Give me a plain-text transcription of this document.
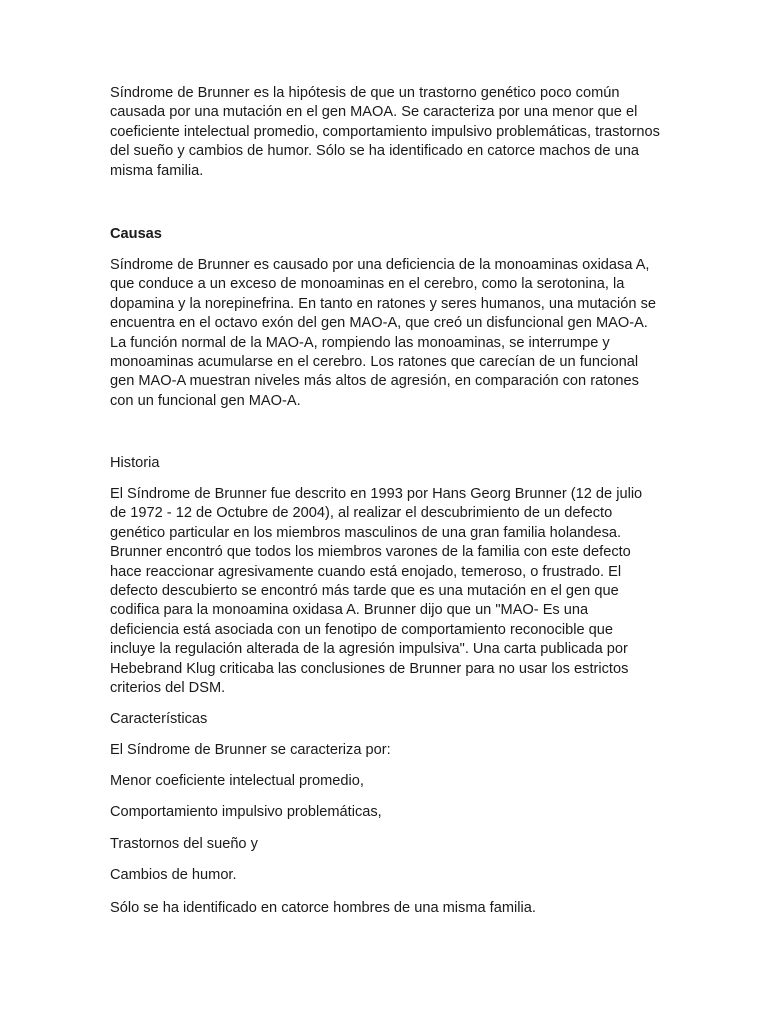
Síndrome de Brunner es la hipótesis de que un trastorno genético poco común causada por una mutación en el gen MAOA. Se caracteriza por una menor que el coeficiente intelectual promedio, comportamiento impulsivo problemáticas, trastornos del sueño y cambios de humor. Sólo se ha identificado en catorce machos de una misma familia.

Causas

Síndrome de Brunner es causado por una deficiencia de la monoaminas oxidasa A, que conduce a un exceso de monoaminas en el cerebro, como la serotonina, la dopamina y la norepinefrina. En tanto en ratones y seres humanos, una mutación se encuentra en el octavo exón del gen MAO-A, que creó un disfuncional gen MAO-A. La función normal de la MAO-A, rompiendo las monoaminas, se interrumpe y monoaminas acumularse en el cerebro. Los ratones que carecían de un funcional gen MAO-A muestran niveles más altos de agresión, en comparación con ratones con un funcional gen MAO-A.

Historia

El Síndrome de Brunner fue descrito en 1993 por Hans Georg Brunner (12 de julio de 1972 - 12 de Octubre de 2004), al realizar el descubrimiento de un defecto genético particular en los miembros masculinos de una gran familia holandesa. Brunner encontró que todos los miembros varones de la familia con este defecto hace reaccionar agresivamente cuando está enojado, temeroso, o frustrado. El defecto descubierto se encontró más tarde que es una mutación en el gen que codifica para la monoamina oxidasa A. Brunner dijo que un "MAO- Es una deficiencia está asociada con un fenotipo de comportamiento reconocible que incluye la regulación alterada de la agresión impulsiva". Una carta publicada por Hebebrand Klug criticaba las conclusiones de Brunner para no usar los estrictos criterios del DSM.

Características

El Síndrome de Brunner se caracteriza por:

Menor coeficiente intelectual promedio,

Comportamiento impulsivo problemáticas,

Trastornos del sueño y

Cambios de humor.

Sólo se ha identificado en catorce hombres de una misma familia.
